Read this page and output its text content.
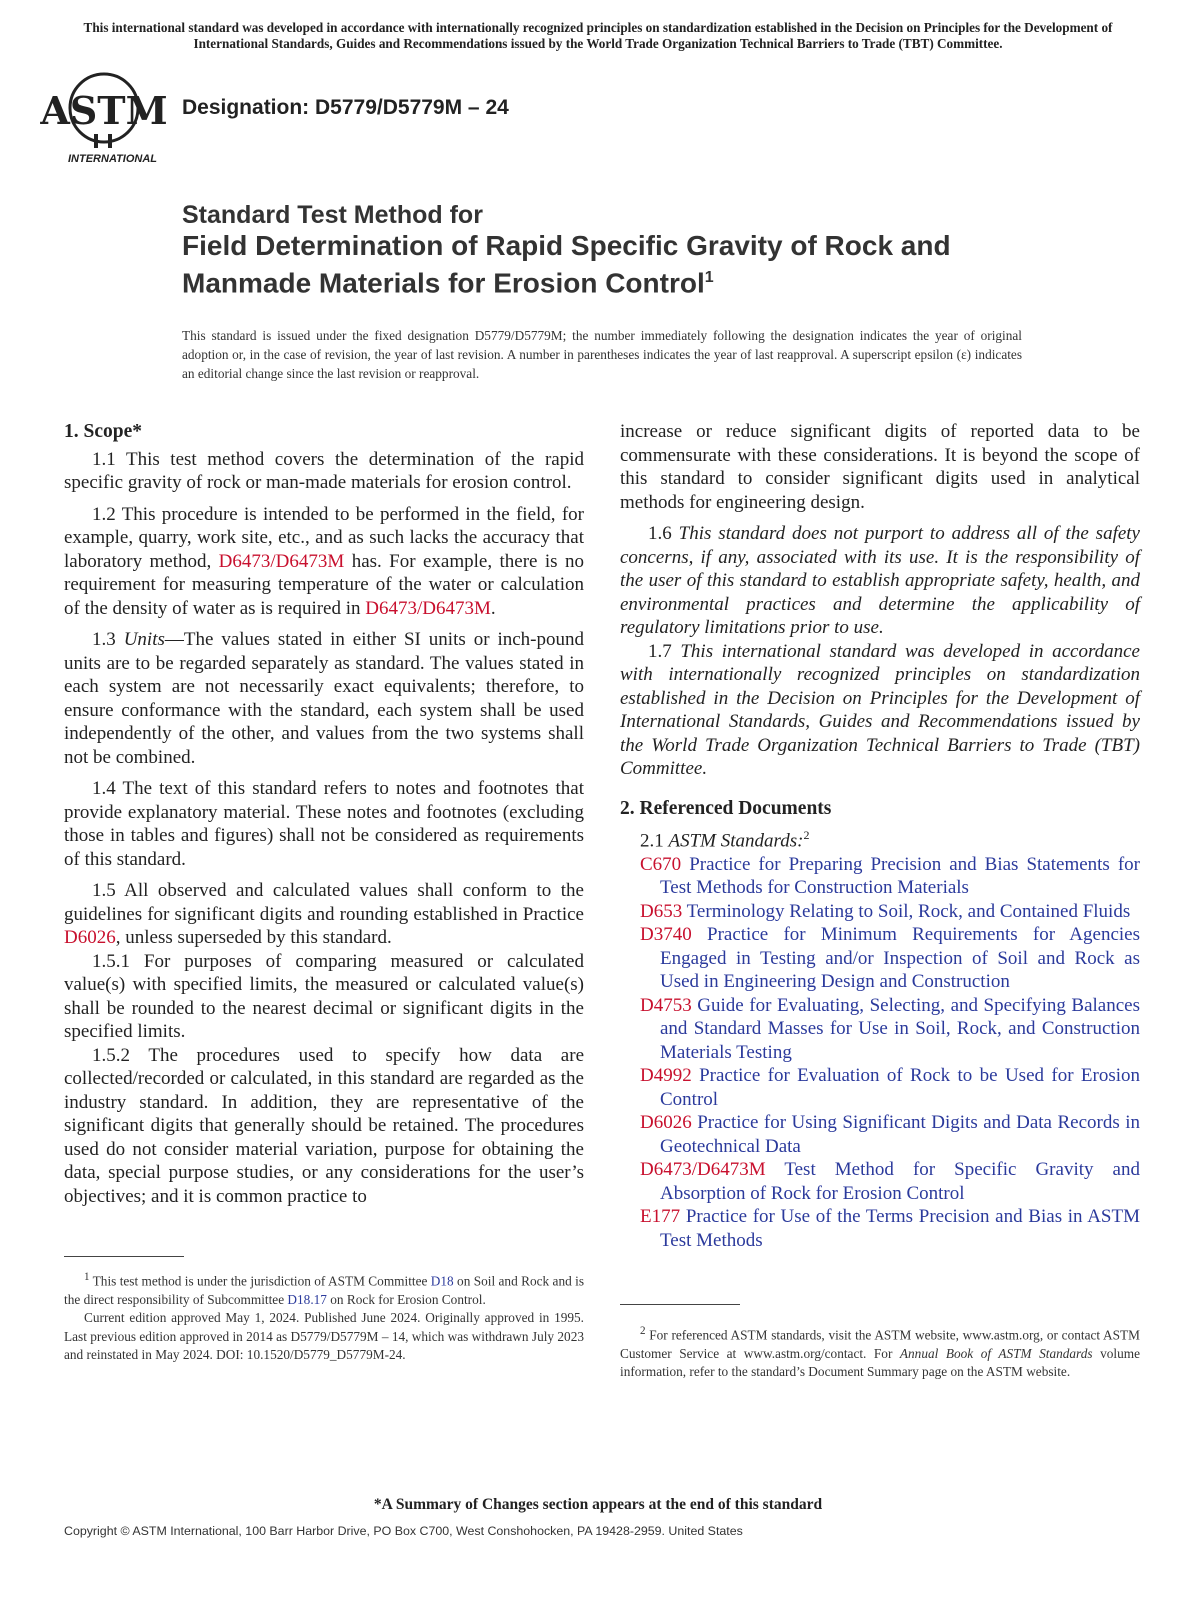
This international standard was developed in accordance with internationally recognized principles on standardization established in the Decision on Principles for the Development of International Standards, Guides and Recommendations issued by the World Trade Organization Technical Barriers to Trade (TBT) Committee.
ASTM
INTERNATIONAL
Designation: D5779/D5779M – 24
Standard Test Method for
Field Determination of Rapid Specific Gravity of Rock and
Manmade Materials for Erosion Control$^1$
This standard is issued under the fixed designation D5779/D5779M; the number immediately following the designation indicates the year of original adoption or, in the case of revision, the year of last revision. A number in parentheses indicates the year of last reapproval. A superscript epsilon (ε) indicates an editorial change since the last revision or reapproval.
1. Scope*

1.1 This test method covers the determination of the rapid specific gravity of rock or man-made materials for erosion control.

1.2 This procedure is intended to be performed in the field, for example, quarry, work site, etc., and as such lacks the accuracy that laboratory method, D6473/D6473M has. For example, there is no requirement for measuring temperature of the water or calculation of the density of water as is required in D6473/D6473M.

1.3 Units—The values stated in either SI units or inch-pound units are to be regarded separately as standard. The values stated in each system are not necessarily exact equivalents; therefore, to ensure conformance with the standard, each system shall be used independently of the other, and values from the two systems shall not be combined.

1.4 The text of this standard refers to notes and footnotes that provide explanatory material. These notes and footnotes (excluding those in tables and figures) shall not be considered as requirements of this standard.

1.5 All observed and calculated values shall conform to the guidelines for significant digits and rounding established in Practice D6026, unless superseded by this standard.

1.5.1 For purposes of comparing measured or calculated value(s) with specified limits, the measured or calculated value(s) shall be rounded to the nearest decimal or significant digits in the specified limits.

1.5.2 The procedures used to specify how data are collected/recorded or calculated, in this standard are regarded as the industry standard. In addition, they are representative of the significant digits that generally should be retained. The procedures used do not consider material variation, purpose for obtaining the data, special purpose studies, or any considerations for the user’s objectives; and it is common practice to

increase or reduce significant digits of reported data to be commensurate with these considerations. It is beyond the scope of this standard to consider significant digits used in analytical methods for engineering design.

1.6 This standard does not purport to address all of the safety concerns, if any, associated with its use. It is the responsibility of the user of this standard to establish appropriate safety, health, and environmental practices and determine the applicability of regulatory limitations prior to use.

1.7 This international standard was developed in accordance with internationally recognized principles on standardization established in the Decision on Principles for the Development of International Standards, Guides and Recommendations issued by the World Trade Organization Technical Barriers to Trade (TBT) Committee.

2. Referenced Documents

2.1 ASTM Standards:$^2$

C670 Practice for Preparing Precision and Bias Statements for Test Methods for Construction Materials

D653 Terminology Relating to Soil, Rock, and Contained Fluids

D3740 Practice for Minimum Requirements for Agencies Engaged in Testing and/or Inspection of Soil and Rock as Used in Engineering Design and Construction

D4753 Guide for Evaluating, Selecting, and Specifying Balances and Standard Masses for Use in Soil, Rock, and Construction Materials Testing

D4992 Practice for Evaluation of Rock to be Used for Erosion Control

D6026 Practice for Using Significant Digits and Data Records in Geotechnical Data

D6473/D6473M Test Method for Specific Gravity and Absorption of Rock for Erosion Control

E177 Practice for Use of the Terms Precision and Bias in ASTM Test Methods

$^1$ This test method is under the jurisdiction of ASTM Committee D18 on Soil and Rock and is the direct responsibility of Subcommittee D18.17 on Rock for Erosion Control.

Current edition approved May 1, 2024. Published June 2024. Originally approved in 1995. Last previous edition approved in 2014 as D5779/D5779M – 14, which was withdrawn July 2023 and reinstated in May 2024. DOI: 10.1520/D5779_D5779M-24.

$^2$ For referenced ASTM standards, visit the ASTM website, www.astm.org, or contact ASTM Customer Service at www.astm.org/contact. For Annual Book of ASTM Standards volume information, refer to the standard’s Document Summary page on the ASTM website.

*A Summary of Changes section appears at the end of this standard
Copyright © ASTM International, 100 Barr Harbor Drive, PO Box C700, West Conshohocken, PA 19428-2959. United States
